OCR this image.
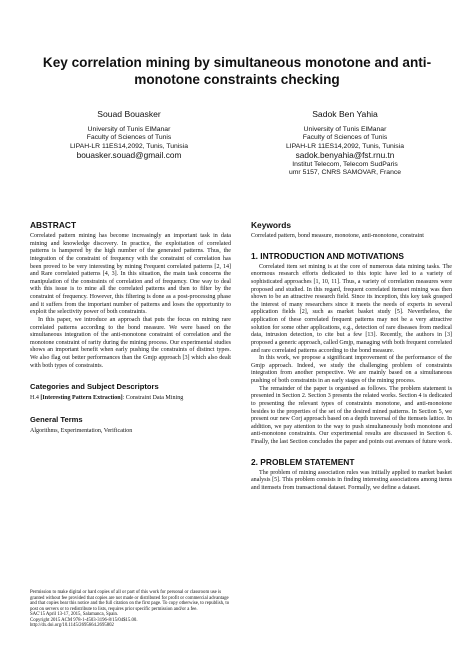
Key correlation mining by simultaneous monotone and anti-monotone constraints checking
Souad Bouasker
University of Tunis ElManar
Faculty of Sciences of Tunis
LIPAH-LR 11ES14,2092, Tunis, Tunisia
bouasker.souad@gmail.com
Sadok Ben Yahia
University of Tunis ElManar
Faculty of Sciences of Tunis
LIPAH-LR 11ES14,2092, Tunis, Tunisia
sadok.benyahia@fst.rnu.tn
Institut Telecom, Telecom SudParis
umr 5157, CNRS SAMOVAR, France
ABSTRACT

Correlated pattern mining has become increasingly an important task in data mining and knowledge discovery. In practice, the exploitation of correlated patterns is hampered by the high number of the generated patterns. Thus, the integration of the constraint of frequency with the constraint of correlation has been proved to be very interesting by mining Frequent correlated patterns [2, 14] and Rare correlated patterns [4, 3]. In this situation, the main task concerns the manipulation of the constraints of correlation and of frequency. One way to deal with this issue is to mine all the correlated patterns and then to filter by the constraint of frequency. However, this filtering is done as a post-processing phase and it suffers from the important number of patterns and loses the opportunity to exploit the selectivity power of both constraints.

In this paper, we introduce an approach that puts the focus on mining rare correlated patterns according to the bond measure. We were based on the simultaneous integration of the anti-monotone constraint of correlation and the monotone constraint of rarity during the mining process. Our experimental studies shows an important benefit when early pushing the constraints of distinct types. We also flag out better performances than the Gmjp approach [3] which also dealt with both types of constraints.

Categories and Subject Descriptors

H.4 [Interesting Pattern Extraction]: Constraint Data Mining

General Terms

Algorithms, Experimentation, Verification

Permission to make digital or hard copies of all or part of this work for personal or classroom use is granted without fee provided that copies are not made or distributed for profit or commercial advantage and that copies bear this notice and the full citation on the first page. To copy otherwise, to republish, to post on servers or to redistribute to lists, requires prior specific permission and/or a fee.
SAC'15 April 13-17, 2015, Salamanca, Spain.
Copyright 2015 ACM 978-1-4503-3196-8/15/04$15.00.
http://dx.doi.org/10.1145/2695664.2695802
Keywords

Correlated pattern, bond measure, monotone, anti-monotone, constraint

1. INTRODUCTION AND MOTIVATIONS

Correlated item set mining is at the core of numerous data mining tasks. The enormous research efforts dedicated to this topic have led to a variety of sophisticated approaches [1, 10, 11]. Thus, a variety of correlation measures were proposed and studied. In this regard, frequent correlated itemset mining was then shown to be an attractive research field. Since its inception, this key task grasped the interest of many researchers since it meets the needs of experts in several application fields [2], such as market basket study [5]. Nevertheless, the application of these correlated frequent patterns may not be a very attractive solution for some other applications, e.g., detection of rare diseases from medical data, intrusion detection, to cite but a few [13]. Recently, the authors in [3] proposed a generic approach, called Gmjp, managing with both frequent correlated and rare correlated patterns according to the bond measure.

In this work, we propose a significant improvement of the performance of the Gmjp approach. Indeed, we study the challenging problem of constraints integration from another perspective. We are mainly based on a simultaneous pushing of both constraints in an early stages of the mining process.

The remainder of the paper is organised as follows. The problem statement is presented in Section 2. Section 3 presents the related works. Section 4 is dedicated to presenting the relevant types of constraints monotone, and anti-monotone besides to the properties of the set of the desired mined patterns. In Section 5, we present our new Corj approach based on a depth traversal of the itemsets lattice. In addition, we pay attention to the way to push simultaneously both monotone and anti-monotone constraints. Our experimental results are discussed in Section 6. Finally, the last Section concludes the paper and points out avenues of future work.

2. PROBLEM STATEMENT

The problem of mining association rules was initially applied to market basket analysis [5]. This problem consists in finding interesting associations among items and itemsets from transactional dataset. Formally, we define a dataset.
